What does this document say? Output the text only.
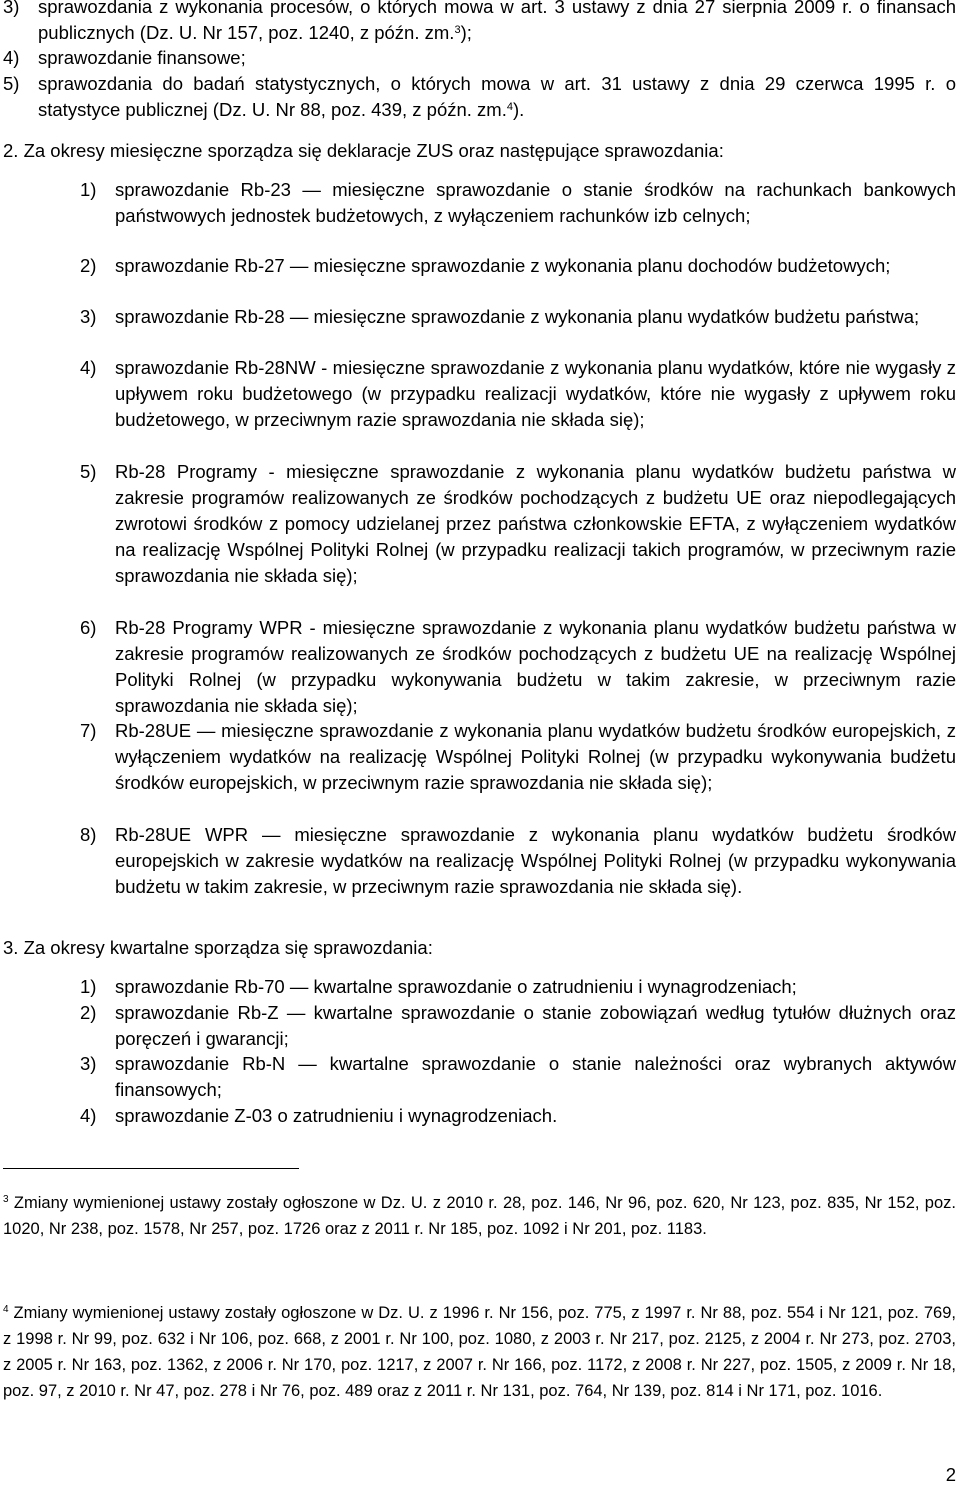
3) sprawozdania z wykonania procesów, o których mowa w art. 3 ustawy z dnia 27 sierpnia 2009 r. o finansach publicznych (Dz. U. Nr 157, poz. 1240, z późn. zm.$^3$);
4) sprawozdanie finansowe;
5) sprawozdania do badań statystycznych, o których mowa w art. 31 ustawy z dnia 29 czerwca 1995 r. o statystyce publicznej (Dz. U. Nr 88, poz. 439, z późn. zm.$^4$).
2. Za okresy miesięczne sporządza się deklaracje ZUS oraz następujące sprawozdania:
1) sprawozdanie Rb-23 ― miesięczne sprawozdanie o stanie środków na rachunkach bankowych państwowych jednostek budżetowych, z wyłączeniem rachunków izb celnych;
2) sprawozdanie Rb-27 ― miesięczne sprawozdanie z wykonania planu dochodów budżetowych;
3) sprawozdanie Rb-28 ― miesięczne sprawozdanie z wykonania planu wydatków budżetu państwa;
4) sprawozdanie Rb-28NW - miesięczne sprawozdanie z wykonania planu wydatków, które nie wygasły z upływem roku budżetowego (w przypadku realizacji wydatków, które nie wygasły z upływem roku budżetowego, w przeciwnym razie sprawozdania nie składa się);
5) Rb-28 Programy - miesięczne sprawozdanie z wykonania planu wydatków budżetu państwa w zakresie programów realizowanych ze środków pochodzących z budżetu UE oraz niepodlegających zwrotowi środków z pomocy udzielanej przez państwa członkowskie EFTA, z wyłączeniem wydatków na realizację Wspólnej Polityki Rolnej (w przypadku realizacji takich programów, w przeciwnym razie sprawozdania nie składa się);
6) Rb-28 Programy WPR - miesięczne sprawozdanie z wykonania planu wydatków budżetu państwa w zakresie programów realizowanych ze środków pochodzących z budżetu UE na realizację Wspólnej Polityki Rolnej (w przypadku wykonywania budżetu w takim zakresie, w przeciwnym razie sprawozdania nie składa się);
7) Rb-28UE ― miesięczne sprawozdanie z wykonania planu wydatków budżetu środków europejskich, z wyłączeniem wydatków na realizację Wspólnej Polityki Rolnej (w przypadku wykonywania budżetu środków europejskich, w przeciwnym razie sprawozdania nie składa się);
8) Rb-28UE WPR ― miesięczne sprawozdanie z wykonania planu wydatków budżetu środków europejskich w zakresie wydatków na realizację Wspólnej Polityki Rolnej (w przypadku wykonywania budżetu w takim zakresie, w przeciwnym razie sprawozdania nie składa się).
3. Za okresy kwartalne sporządza się sprawozdania:
1) sprawozdanie Rb-70 ― kwartalne sprawozdanie o zatrudnieniu i wynagrodzeniach;
2) sprawozdanie Rb-Z ― kwartalne sprawozdanie o stanie zobowiązań według tytułów dłużnych oraz poręczeń i gwarancji;
3) sprawozdanie Rb-N ― kwartalne sprawozdanie o stanie należności oraz wybranych aktywów finansowych;
4) sprawozdanie Z-03 o zatrudnieniu i wynagrodzeniach.
$^3$ Zmiany wymienionej ustawy zostały ogłoszone w Dz. U. z 2010 r. 28, poz. 146, Nr 96, poz. 620, Nr 123, poz. 835, Nr 152, poz. 1020, Nr 238, poz. 1578, Nr 257, poz. 1726 oraz z 2011 r. Nr 185, poz. 1092 i Nr 201, poz. 1183.
$^4$ Zmiany wymienionej ustawy zostały ogłoszone w Dz. U. z 1996 r. Nr 156, poz. 775, z 1997 r. Nr 88, poz. 554 i Nr 121, poz. 769, z 1998 r. Nr 99, poz. 632 i Nr 106, poz. 668, z 2001 r. Nr 100, poz. 1080, z 2003 r. Nr 217, poz. 2125, z 2004 r. Nr 273, poz. 2703, z 2005 r. Nr 163, poz. 1362, z 2006 r. Nr 170, poz. 1217, z 2007 r. Nr 166, poz. 1172, z 2008 r. Nr 227, poz. 1505, z 2009 r. Nr 18, poz. 97, z 2010 r. Nr 47, poz. 278 i Nr 76, poz. 489 oraz z 2011 r. Nr 131, poz. 764, Nr 139, poz. 814 i Nr 171, poz. 1016.
2
